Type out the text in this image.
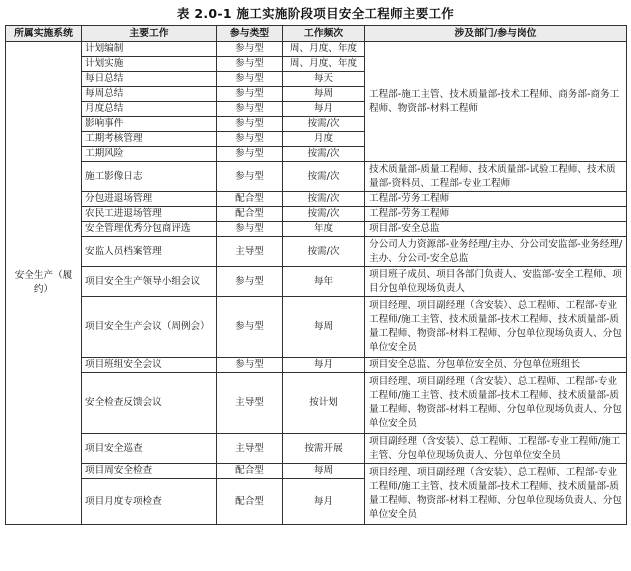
表 2.0-1 施工实施阶段项目安全工程师主要工作
所属实施系统	主要工作	参与类型	工作频次	涉及部门/参与岗位
安全生产（履约）	计划编制	参与型	周、月度、年度	工程部-施工主管、技术质量部-技术工程师、商务部-商务工程师、物资部-材料工程师
	计划实施	参与型	周、月度、年度	
	每日总结	参与型	每天	
	每周总结	参与型	每周	
	月度总结	参与型	每月	
	影响事件	参与型	按需/次	
	工期考核管理	参与型	月度	
	工期风险	参与型	按需/次	
	施工影像日志	参与型	按需/次	技术质量部-质量工程师、技术质量部-试验工程师、技术质量部-资料员、工程部-专业工程师
	分包进退场管理	配合型	按需/次	工程部-劳务工程师
	农民工进退场管理	配合型	按需/次	工程部-劳务工程师
	安全管理优秀分包商评选	参与型	年度	项目部-安全总监
	安监人员档案管理	主导型	按需/次	分公司人力资源部-业务经理/主办、分公司安监部-业务经理/主办、分公司-安全总监
	项目安全生产领导小组会议	参与型	每年	项目班子成员、项目各部门负责人、安监部-安全工程师、项目分包单位现场负责人
	项目安全生产会议（周例会）	参与型	每周	项目经理、项目副经理（含安装）、总工程师、工程部-专业工程师/施工主管、技术质量部-技术工程师、技术质量部-质量工程师、物资部-材料工程师、分包单位现场负责人、分包单位安全员
	项目班组安全会议	参与型	每月	项目安全总监、分包单位安全员、分包单位班组长
	安全检查反馈会议	主导型	按计划	项目经理、项目副经理（含安装）、总工程师、工程部-专业工程师/施工主管、技术质量部-技术工程师、技术质量部-质量工程师、物资部-材料工程师、分包单位现场负责人、分包单位安全员
	项目安全巡查	主导型	按需开展	项目副经理（含安装）、总工程师、工程部-专业工程师/施工主管、分包单位现场负责人、分包单位安全员
	项目周安全检查	配合型	每周	项目经理、项目副经理（含安装）、总工程师、工程部-专业工程师/施工主管、技术质量部-技术工程师、技术质量部-质量工程师、物资部-材料工程师、分包单位现场负责人、分包单位安全员
	项目月度专项检查	配合型	每月	
